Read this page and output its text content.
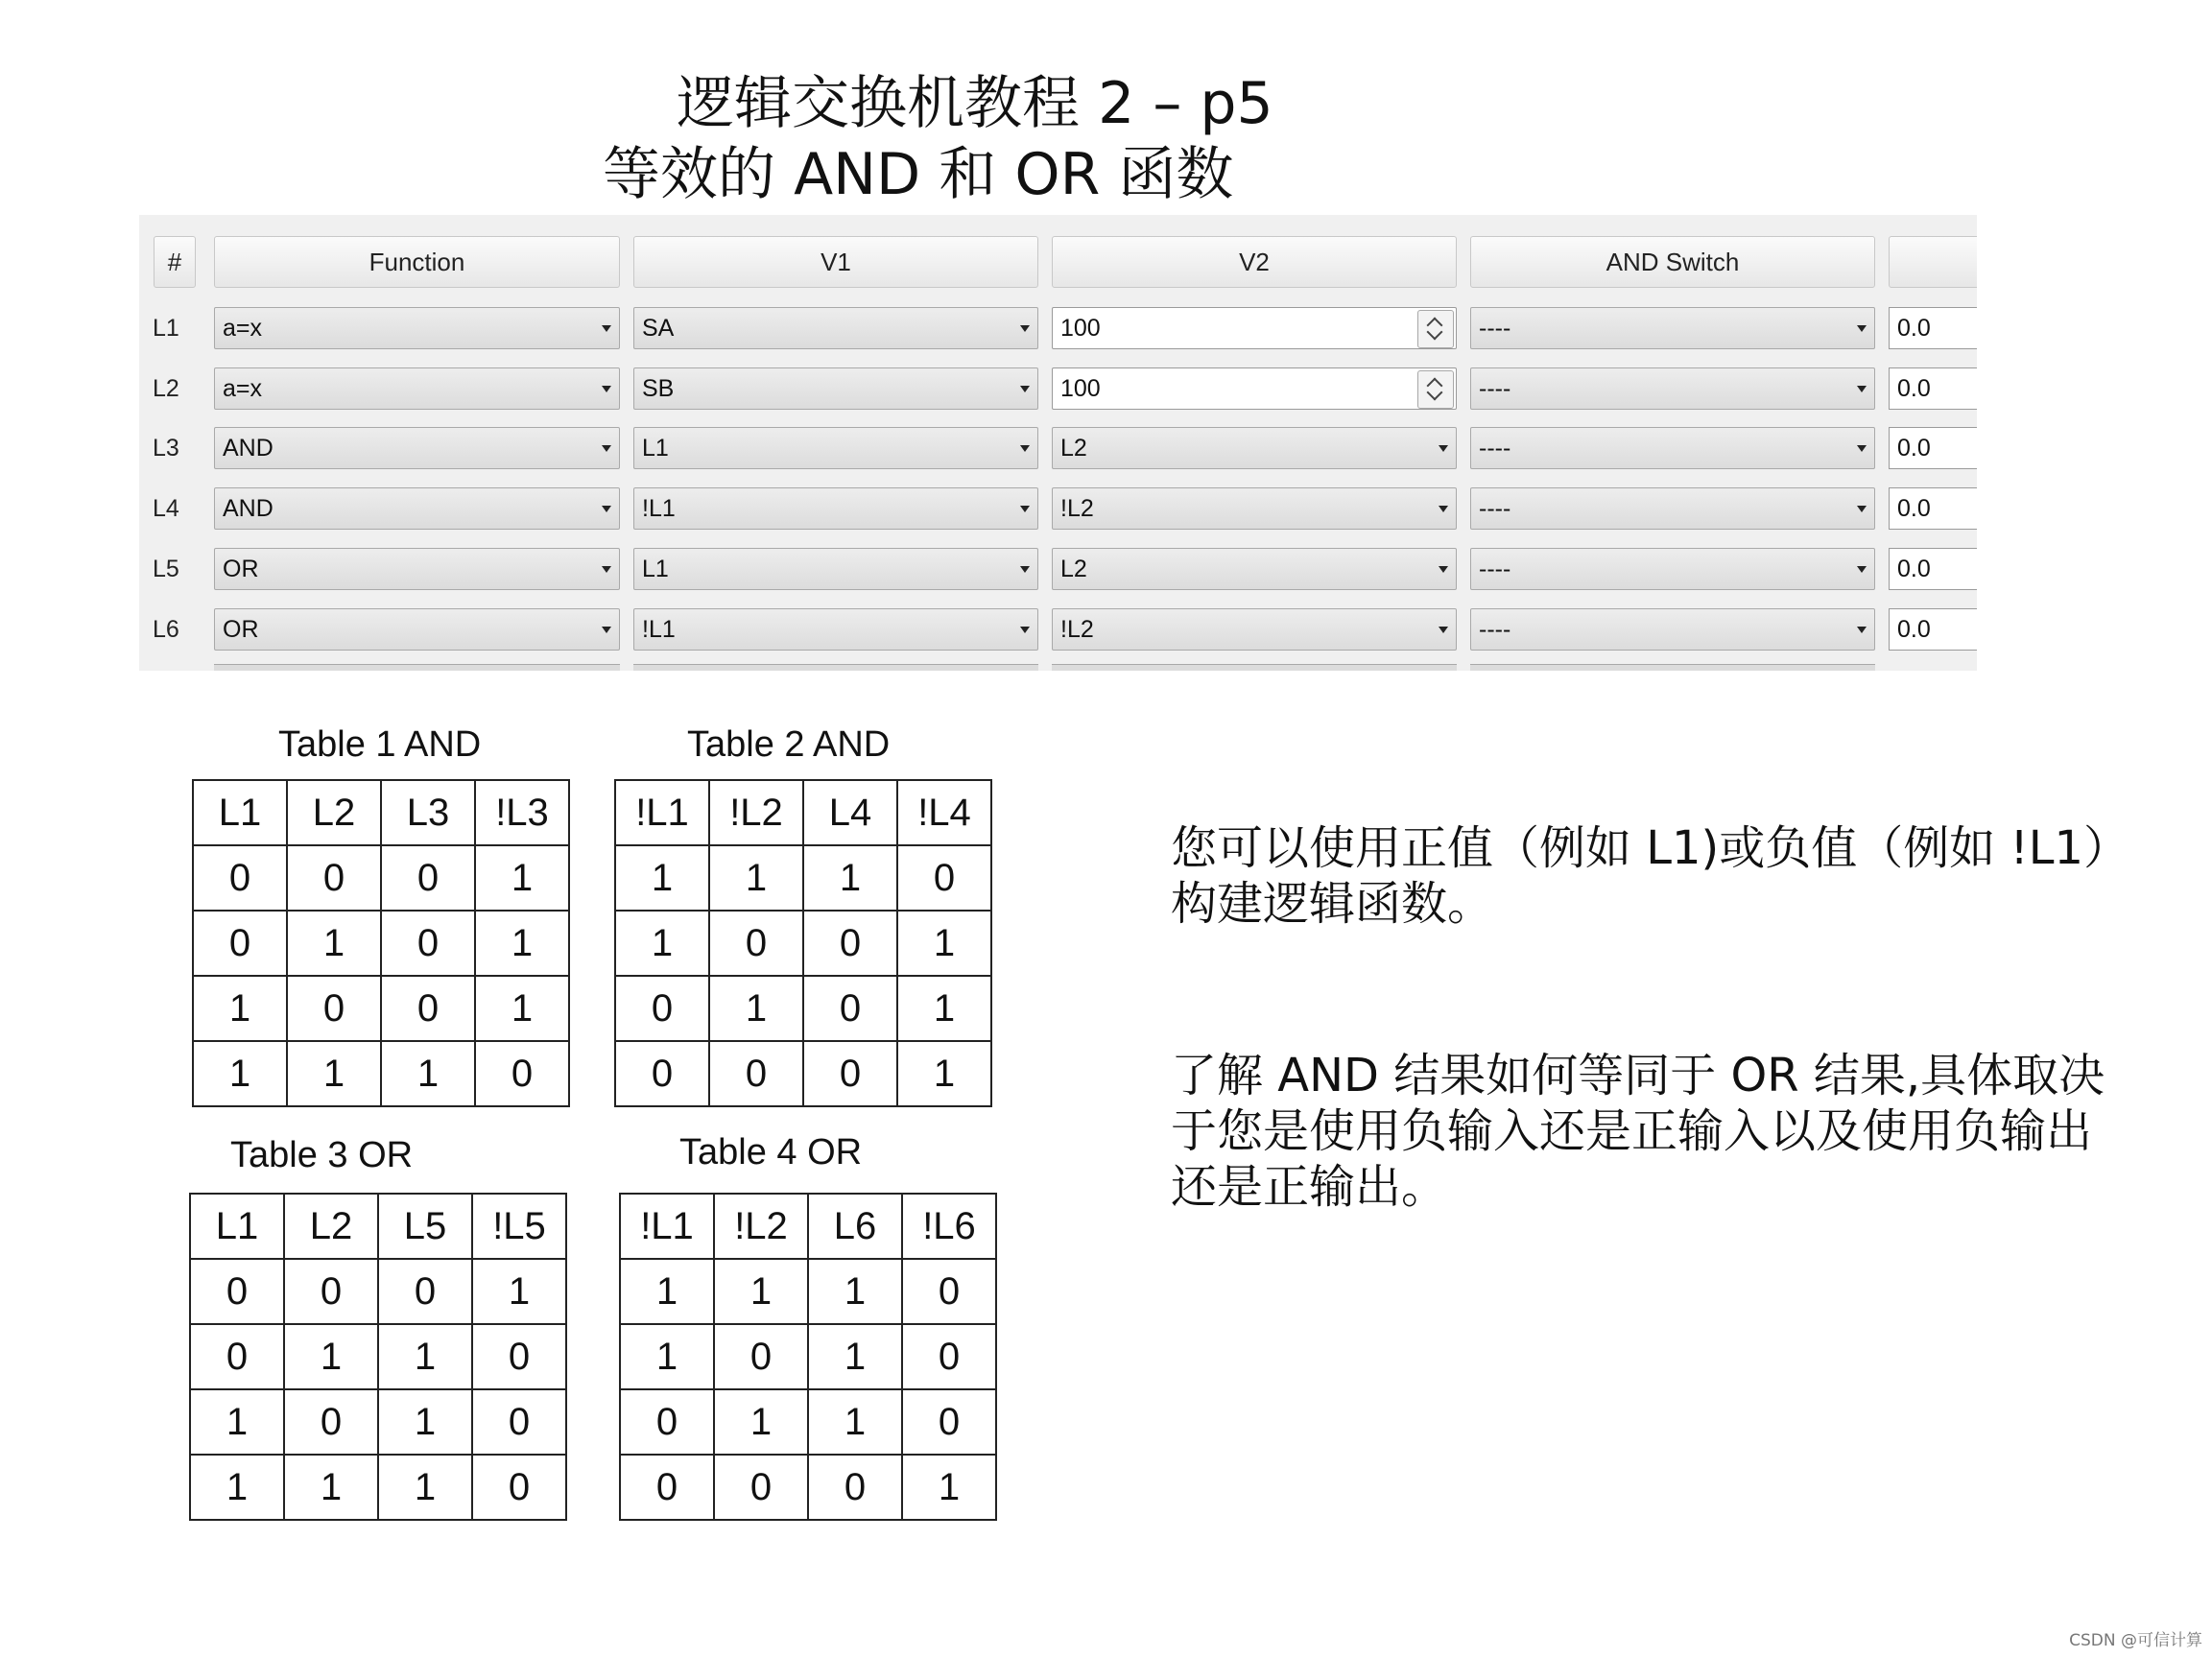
逻辑交换机教程 2 – p5
等效的 AND 和 OR 函数
#	Function	V1	V2	AND Switch
L1	a=x	SA	100	----	0.0
L2	a=x	SB	100	----	0.0
L3	AND	L1	L2	----	0.0
L4	AND	!L1	!L2	----	0.0
L5	OR	L1	L2	----	0.0
L6	OR	!L1	!L2	----	0.0
Table 1 AND	Table 2 AND
Table 3 OR	Table 4 OR
L1	L2	L3	!L3
0	0	0	1
0	1	0	1
1	0	0	1
1	1	1	0
!L1	!L2	L4	!L4
1	1	1	0
1	0	0	1
0	1	0	1
0	0	0	1
L1	L2	L5	!L5
0	0	0	1
0	1	1	0
1	0	1	0
1	1	1	0
!L1	!L2	L6	!L6
1	1	1	0
1	0	1	0
0	1	1	0
0	0	0	1
您可以使用正值（例如 L1)或负值（例如 !L1）构建逻辑函数。
了解 AND 结果如何等同于 OR 结果,具体取决于您是使用负输入还是正输入以及使用负输出还是正输出。
CSDN @可信计算
